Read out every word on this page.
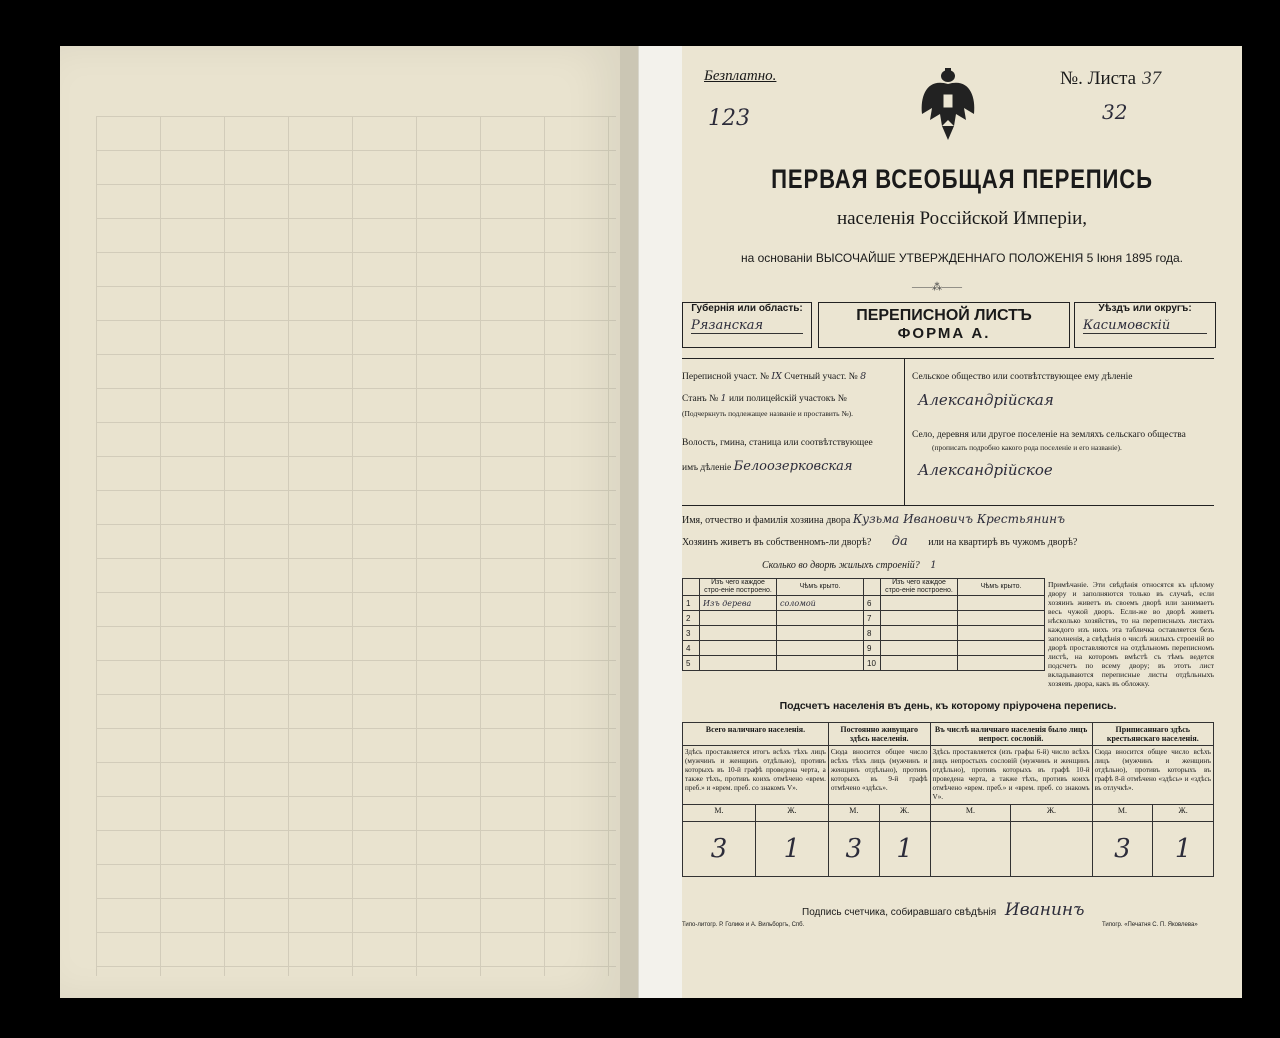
Безплатно.	№. Листа 37
32
123
ПЕРВАЯ ВСЕОБЩАЯ ПЕРЕПИСЬ
населенія Россійской Имперіи,
на основаніи ВЫСОЧАЙШЕ УТВЕРЖДЕННАГО ПОЛОЖЕНІЯ 5 Іюня 1895 года.
——⁂——
Губернія или область:
Рязанская
ПЕРЕПИСНОЙ ЛИСТЪ
ФОРМА А.
Уѣздъ или округъ:
Касимовскій
Переписной участ. № IX Счетный участ. № 8
Станъ № 1 или полицейскій участокъ №
(Подчеркнуть подлежащее названіе и проставить №).
Волость, гмина, станица или соотвѣтствующее
имъ дѣленіе Белоозерковская
Сельское общество или соотвѣтствующее ему дѣленіе
Александрійская
Село, деревня или другое поселеніе на земляхъ сельскаго общества
(прописать подробно какого рода поселеніе и его названіе).
Александрійское
Имя, отчество и фамилія хозяина двора Кузьма Ивановичъ Крестьянинъ
Хозяинъ живетъ въ собственномъ-ли дворѣ? да или на квартирѣ въ чужомъ дворѣ?
Сколько во дворѣ жилыхъ строеній? 1
	Изъ чего каждое стро-еніе построено.	Чѣмъ крыто.		Изъ чего каждое стро-еніе построено.	Чѣмъ крыто.
1	Изъ дерева	соломой	6		
2			7		
3			8		
4			9		
5			10		
Примѣчаніе. Эти свѣдѣнія относятся къ цѣлому двору и заполняются только въ случаѣ, если хозяинъ живетъ въ своемъ дворѣ или занимаетъ весь чужой дворъ. Если-же во дворѣ живетъ нѣсколько хозяйствъ, то на переписныхъ листахъ каждого изъ нихъ эта табличка оставляется безъ заполненія, а свѣдѣнія о числѣ жилыхъ строеній во дворѣ проставляются на отдѣльномъ переписномъ листѣ, на которомъ вмѣстѣ съ тѣмъ ведется подсчетъ по всему двору; въ этотъ лист вкладываются переписные листы отдѣльныхъ хозяевъ двора, какъ въ обложку.
Подсчетъ населенія въ день, къ которому пріурочена перепись.
Всего наличнаго населенія.		Постоянно живущаго здѣсь населенія.		Въ числѣ наличнаго населенія было лицъ непрост. сословій.		Приписаннаго здѣсь крестьянскаго населенія.	
Здѣсь проставляется итогъ всѣхъ тѣхъ лицъ (мужчинъ и женщинъ отдѣльно), противъ которыхъ въ 10-й графѣ проведена черта, а также тѣхъ, противъ коихъ отмѣчено «врем. преб.» и «врем. преб. со знакомъ V».		Сюда вносится общее число всѣхъ тѣхъ лицъ (мужчинъ и женщинъ отдѣльно), противъ которыхъ въ 9-й графѣ отмѣчено «здѣсь».		Здѣсь проставляется (изъ графы 6-й) число всѣхъ лицъ непростыхъ сословій (мужчинъ и женщинъ отдѣльно), противъ которыхъ въ графѣ 10-й проведена черта, а также тѣхъ, противъ коихъ отмѣчено «врем. преб.» и «врем. преб. со знакомъ V».		Сюда вносится общее число всѣхъ лицъ (мужчинъ и женщинъ отдѣльно), противъ которыхъ въ графѣ 8-й отмѣчено «здѣсь» и «здѣсь въ отлучкѣ».	
М.	Ж.	М.	Ж.	М.	Ж.	М.	Ж.
3	1	3	1			3	1
Подпись счетчика, собиравшаго свѣдѣнія Иванинъ
Типо-литогр. Р. Голике и А. Вильборгъ, Спб.	Типогр. «Печатня С. П. Яковлева»
